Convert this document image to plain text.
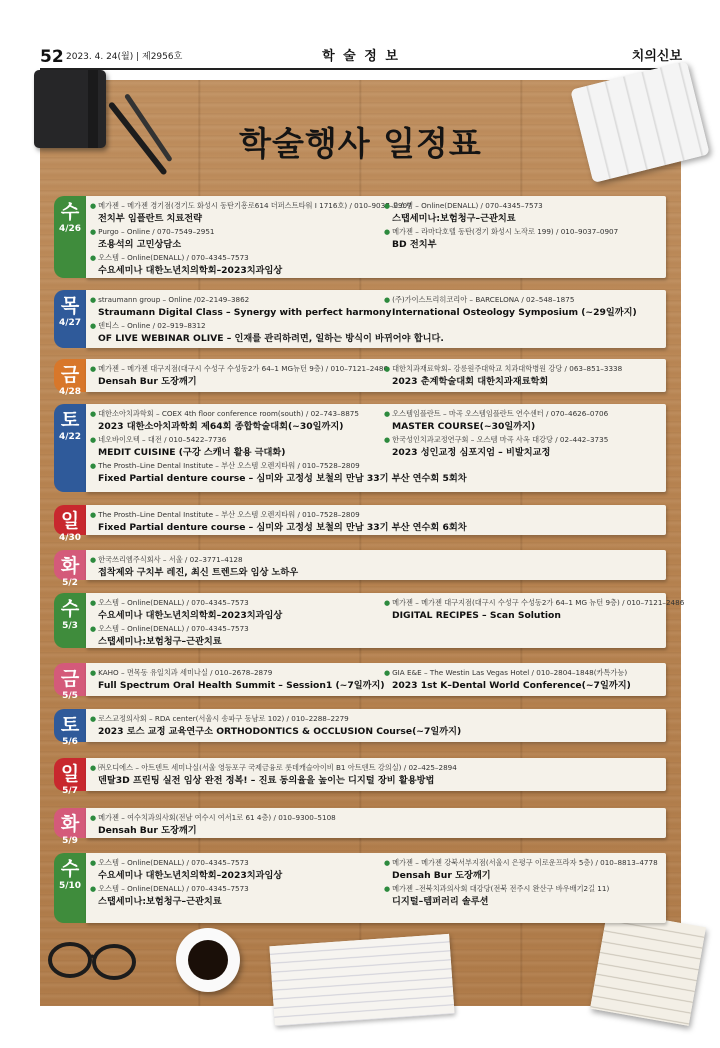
52 2023. 4. 24(월) | 제2956호	학 술 정 보	치의신보
학술행사 일정표
수
4/26
● 메가젠 – 메가젠 경기점(경기도 화성시 동탄기흥로614 더퍼스트타워 I 1716호) / 010–9037–0907
전치부 임플란트 치료전략
● Purgo – Online / 070–7549–2951
조용석의 고민상담소
● 오스템 – Online(DENALL) / 070–4345–7573
수요세미나 대한노년치의학회–2023치과임상
● 오스템 – Online(DENALL) / 070–4345–7573
스탭세미나:보험청구–근관치료
● 메가젠 – 라마다호텔 동탄(경기 화성시 노작로 199) / 010–9037–0907
BD 전치부
목
4/27
● straumann group – Online /02–2149–3862
Straumann Digital Class – Synergy with perfect harmony
● 덴티스 – Online / 02–919–8312
OF LIVE WEBINAR OLIVE – 인재를 관리하려면, 일하는 방식이 바뀌어야 합니다.
● (주)가이스트리히코리아 – BARCELONA / 02–548–1875
International Osteology Symposium (~29일까지)
금
4/28
● 메가젠 – 메가젠 대구지점(대구시 수성구 수성동2가 64–1 MG뉴턴 9층) / 010–7121–2486
Densah Bur 도장깨기
● 대한치과재료학회– 강릉원주대학교 치과대학병원 강당 / 063–851–3338
2023 춘계학술대회 대한치과재료학회
토
4/22
● 대한소아치과학회 – COEX 4th floor conference room(south) / 02–743–8875
2023 대한소아치과학회 제64회 종합학술대회(~30일까지)
● 네오바이오텍 – 대전 / 010–5422–7736
MEDIT CUISINE (구강 스캐너 활용 극대화)
● The Prosth–Line Dental Institute – 부산 오스템 오렌지타워 / 010–7528–2809
Fixed Partial denture course – 심미와 고정성 보철의 만남 33기 부산 연수회 5회차
● 오스템임플란트 – 마곡 오스템임플란트 연수센터 / 070–4626–0706
MASTER COURSE(~30일까지)
● 한국성인치과교정연구회 – 오스템 마곡 사옥 대강당 / 02–442–3735
2023 성인교정 심포지엄 – 비발치교정
일
4/30
● The Prosth–Line Dental Institute – 부산 오스템 오렌지타워 / 010–7528–2809
Fixed Partial denture course – 심미와 고정성 보철의 만남 33기 부산 연수회 6회차
화
5/2
● 한국쓰리엠주식회사 – 서울 / 02–3771–4128
접착제와 구치부 레진, 최신 트렌드와 임상 노하우
수
5/3
● 오스템 – Online(DENALL) / 070–4345–7573
수요세미나 대한노년치의학회–2023치과임상
● 오스템 – Online(DENALL) / 070–4345–7573
스탭세미나:보험청구–근관치료
● 메가젠 – 메가젠 대구지점(대구시 수성구 수성동2가 64–1 MG 뉴턴 9층) / 010–7121–2486
DIGITAL RECIPES – Scan Solution
금
5/5
● KAHO – 면목동 유일치과 세미나실 / 010–2678–2879
Full Spectrum Oral Health Summit – Session1 (~7일까지)
● GIA E&E – The Westin Las Vegas Hotel / 010–2804–1848(카톡가능)
2023 1st K–Dental World Conference(~7일까지)
토
5/6
● 로스교정의사회 – RDA center(서울시 송파구 동남로 102) / 010–2288–2279
2023 로스 교정 교육연구소 ORTHODONTICS & OCCLUSION Course(~7일까지)
일
5/7
● ㈜오디에스 – 아트덴트 세미나실(서울 영등포구 국제금융로 롯데캐슬아이비 B1 아트덴트 강의실) / 02–425–2894
덴탈3D 프린팅 실전 임상 완전 정복! – 진료 동의율을 높이는 디지털 장비 활용방법
화
5/9
● 메가젠 – 여수치과의사회(전남 여수시 여서1로 61 4층) / 010–9300–5108
Densah Bur 도장깨기
수
5/10
● 오스템 – Online(DENALL) / 070–4345–7573
수요세미나 대한노년치의학회–2023치과임상
● 오스템 – Online(DENALL) / 070–4345–7573
스탭세미나:보험청구–근관치료
● 메가젠 – 메가젠 강북서부지점(서울시 은평구 이로운프라자 5층) / 010–8813–4778
Densah Bur 도장깨기
● 메가젠 –전북치과의사회 대강당(전북 전주시 완산구 바우배기2길 11)
디지털–템퍼러리 솔루션
